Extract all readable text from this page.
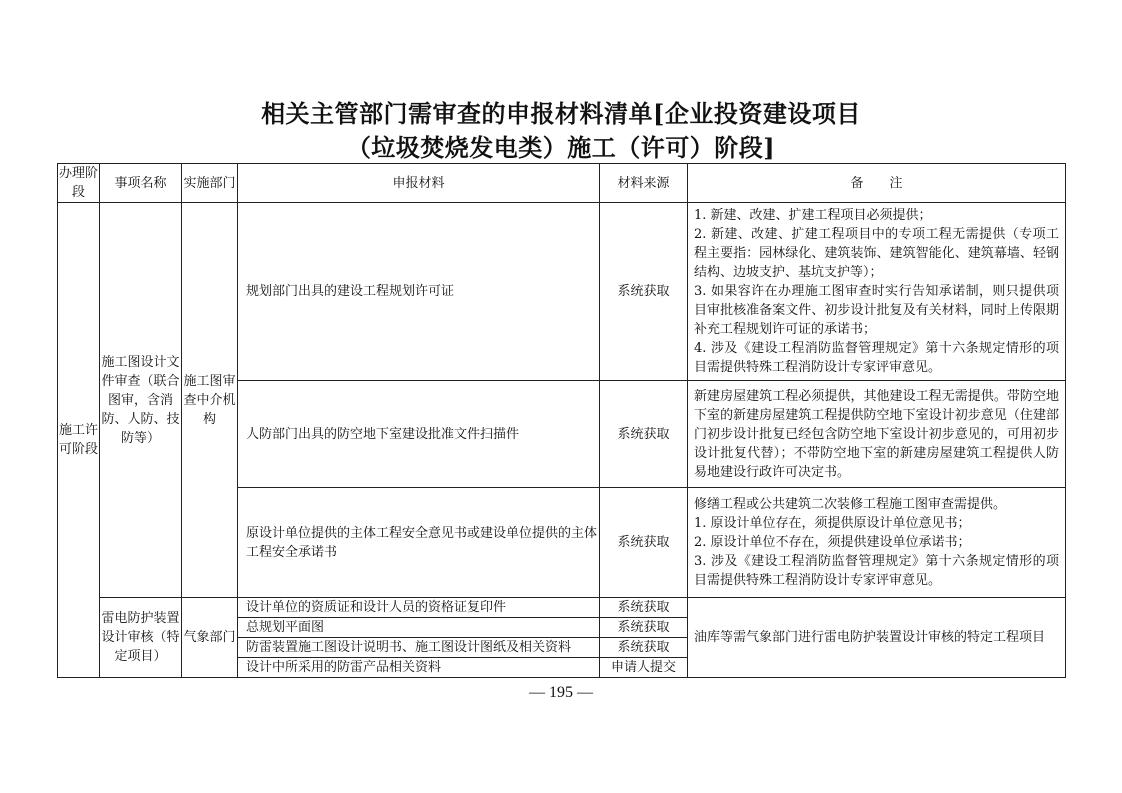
相关主管部门需审查的申报材料清单[企业投资建设项目
（垃圾焚烧发电类）施工（许可）阶段]
办理阶段	事项名称	实施部门	申报材料	材料来源	备　　注
施工许可阶段	施工图设计文件审查（联合图审，含消防、人防、技防等）	施工图审查中介机构	规划部门出具的建设工程规划许可证	系统获取	1. 新建、改建、扩建工程项目必须提供；

2. 新建、改建、扩建工程项目中的专项工程无需提供（专项工程主要指：园林绿化、建筑装饰、建筑智能化、建筑幕墙、轻钢结构、边坡支护、基坑支护等）；

3. 如果容许在办理施工图审查时实行告知承诺制，则只提供项目审批核准备案文件、初步设计批复及有关材料，同时上传限期补充工程规划许可证的承诺书；

4. 涉及《建设工程消防监督管理规定》第十六条规定情形的项目需提供特殊工程消防设计专家评审意见。

			人防部门出具的防空地下室建设批准文件扫描件	系统获取	新建房屋建筑工程必须提供，其他建设工程无需提供。带防空地下室的新建房屋建筑工程提供防空地下室设计初步意见（住建部门初步设计批复已经包含防空地下室设计初步意见的，可用初步设计批复代替）；不带防空地下室的新建房屋建筑工程提供人防易地建设行政许可决定书。

			原设计单位提供的主体工程安全意见书或建设单位提供的主体工程安全承诺书	系统获取	修缮工程或公共建筑二次装修工程施工图审查需提供。

1. 原设计单位存在，须提供原设计单位意见书；

2. 原设计单位不存在，须提供建设单位承诺书；

3. 涉及《建设工程消防监督管理规定》第十六条规定情形的项目需提供特殊工程消防设计专家评审意见。

	雷电防护装置设计审核（特定项目）	气象部门	设计单位的资质证和设计人员的资格证复印件	系统获取	油库等需气象部门进行雷电防护装置设计审核的特定工程项目
			总规划平面图	系统获取	
			防雷装置施工图设计说明书、施工图设计图纸及相关资料	系统获取	
			设计中所采用的防雷产品相关资料	申请人提交	
— 195 —
